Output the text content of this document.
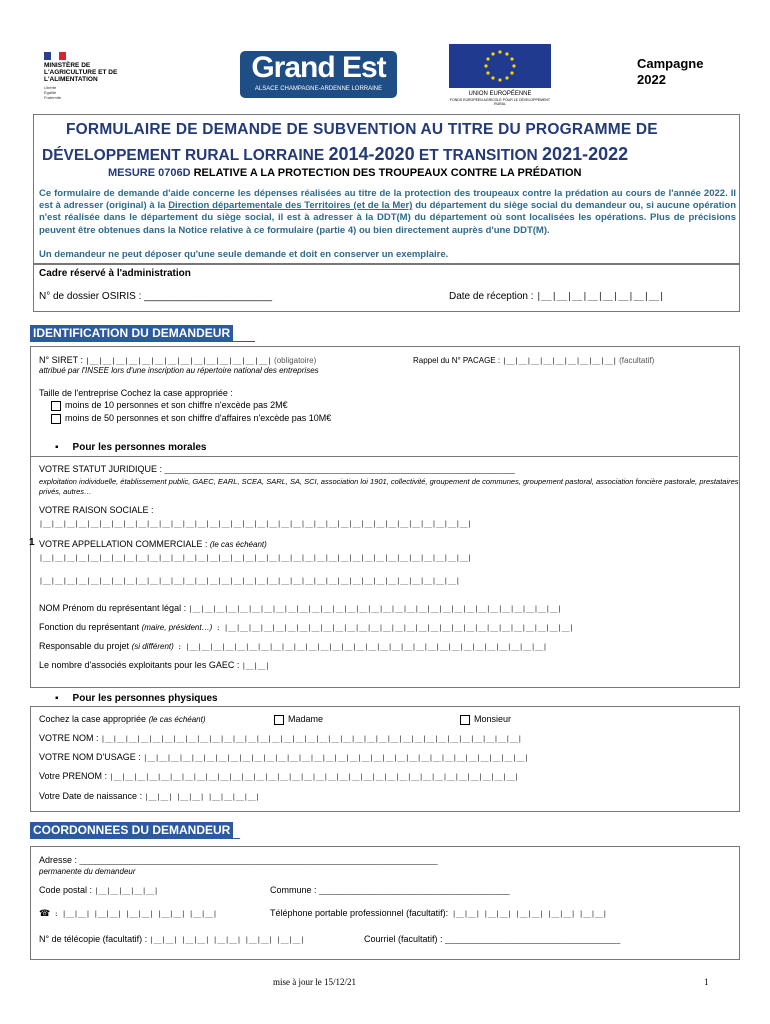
MINISTÈRE DE L'AGRICULTURE ET DE L'ALIMENTATION
Liberté Égalité Fraternité
Grand Est
ALSACE CHAMPAGNE-ARDENNE LORRAINE
UNION EUROPÉENNE
FONDS EUROPÉEN AGRICOLE POUR LE DÉVELOPPEMENT RURAL
Campagne
2022
FORMULAIRE DE DEMANDE DE SUBVENTION AU TITRE DU PROGRAMME DE
DÉVELOPPEMENT RURAL LORRAINE 2014-2020 ET TRANSITION 2021-2022
MESURE 0706D RELATIVE A LA PROTECTION DES TROUPEAUX CONTRE LA PRÉDATION
Ce formulaire de demande d'aide concerne les dépenses réalisées au titre de la protection des troupeaux contre la prédation au cours de l'année 2022. Il est à adresser (original) à la Direction départementale des Territoires (et de la Mer) du département du siège social du demandeur ou, si aucune opération n'est réalisée dans le département du siège social, il est à adresser à la DDT(M) du département où sont localisées les opérations. Plus de précisions peuvent être obtenues dans la Notice relative à ce formulaire (partie 4) ou bien directement auprès d'une DDT(M).
Un demandeur ne peut déposer qu'une seule demande et doit en conserver un exemplaire.
Cadre réservé à l'administration
N° de dossier OSIRIS : _______________________	Date de réception : |__|__|__|__|__|__|__|__|
IDENTIFICATION DU DEMANDEUR
N° SIRET : |__|__|__|__|__|__|__|__|__|__|__|__|__|__| (obligatoire)
attribué par l'INSEE lors d'une inscription au répertoire national des entreprises
Rappel du N° PACAGE : |__|__|__|__|__|__|__|__|__| (facultatif)
Taille de l'entreprise Cochez la case appropriée :
moins de 10 personnes et son chiffre n'excède pas 2M€
moins de 50 personnes et son chiffre d'affaires n'excède pas 10M€
▪ Pour les personnes morales
VOTRE STATUT JURIDIQUE : __________________________________________________________________________________________
exploitation individuelle, établissement public, GAEC, EARL, SCEA, SARL, SA, SCI, association loi 1901, collectivité, groupement de communes, groupement pastoral, association foncière pastorale, prestataires privés, autres…
VOTRE RAISON SOCIALE :
|__|__|__|__|__|__|__|__|__|__|__|__|__|__|__|__|__|__|__|__|__|__|__|__|__|__|__|__|__|__|__|__|__|__|__|__|
1 VOTRE APPELLATION COMMERCIALE : (le cas échéant)
|__|__|__|__|__|__|__|__|__|__|__|__|__|__|__|__|__|__|__|__|__|__|__|__|__|__|__|__|__|__|__|__|__|__|__|__|
|__|__|__|__|__|__|__|__|__|__|__|__|__|__|__|__|__|__|__|__|__|__|__|__|__|__|__|__|__|__|__|__|__|__|__|
NOM Prénom du représentant légal : |__|__|__|__|__|__|__|__|__|__|__|__|__|__|__|__|__|__|__|__|__|__|__|__|__|__|__|__|__|__|__|
Fonction du représentant (maire, président…) : |__|__|__|__|__|__|__|__|__|__|__|__|__|__|__|__|__|__|__|__|__|__|__|__|__|__|__|__|__|
Responsable du projet (si différent) : |__|__|__|__|__|__|__|__|__|__|__|__|__|__|__|__|__|__|__|__|__|__|__|__|__|__|__|__|__|__|
Le nombre d'associés exploitants pour les GAEC : |__|__|
▪ Pour les personnes physiques
Cochez la case appropriée (le cas échéant)	Madame	Monsieur
VOTRE NOM : |__|__|__|__|__|__|__|__|__|__|__|__|__|__|__|__|__|__|__|__|__|__|__|__|__|__|__|__|__|__|__|__|__|__|__|
VOTRE NOM D'USAGE : |__|__|__|__|__|__|__|__|__|__|__|__|__|__|__|__|__|__|__|__|__|__|__|__|__|__|__|__|__|__|__|__|
Votre PRENOM : |__|__|__|__|__|__|__|__|__|__|__|__|__|__|__|__|__|__|__|__|__|__|__|__|__|__|__|__|__|__|__|__|__|__|
Votre Date de naissance : |__|__| |__|__| |__|__|__|__|
COORDONNEES DU DEMANDEUR
Adresse : ____________________________________________________________________________________________
permanente du demandeur
Code postal : |__|__|__|__|__|	Commune : _________________________________________________
☎ : |__|__| |__|__| |__|__| |__|__| |__|__|	Téléphone portable professionnel (facultatif): |__|__| |__|__| |__|__| |__|__| |__|__|
N° de télécopie (facultatif) : |__|__| |__|__| |__|__| |__|__| |__|__|	Courriel (facultatif) : _____________________________________________
mise à jour le 15/12/21	1
